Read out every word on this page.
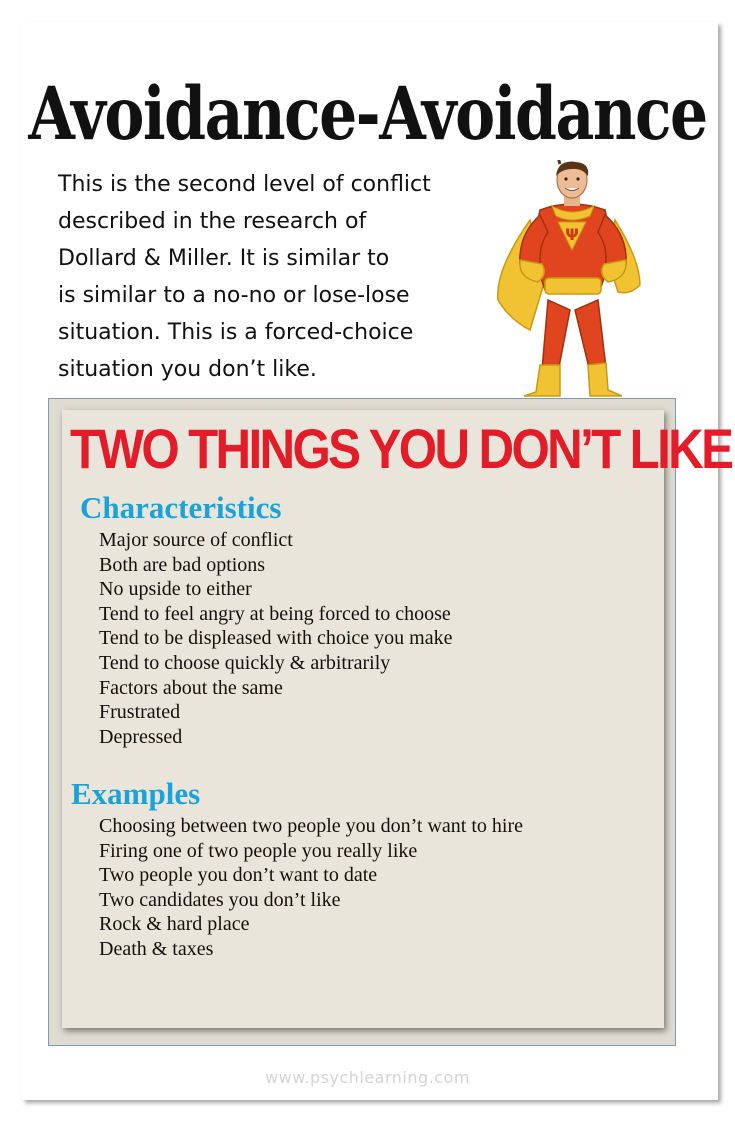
Avoidance-Avoidance
This is the second level of conflict
described in the research of
Dollard & Miller. It is similar to
is similar to a no-no or lose-lose
situation. This is a forced-choice
situation you don’t like.
Ψ
TWO THINGS YOU DON’T LIKE
Characteristics
Major source of conflict
Both are bad options
No upside to either
Tend to feel angry at being forced to choose
Tend to be displeased with choice you make
Tend to choose quickly & arbitrarily
Factors about the same
Frustrated
Depressed
Examples
Choosing between two people you don’t want to hire
Firing one of two people you really like
Two people you don’t want to date
Two candidates you don’t like
Rock & hard place
Death & taxes
www.psychlearning.com
